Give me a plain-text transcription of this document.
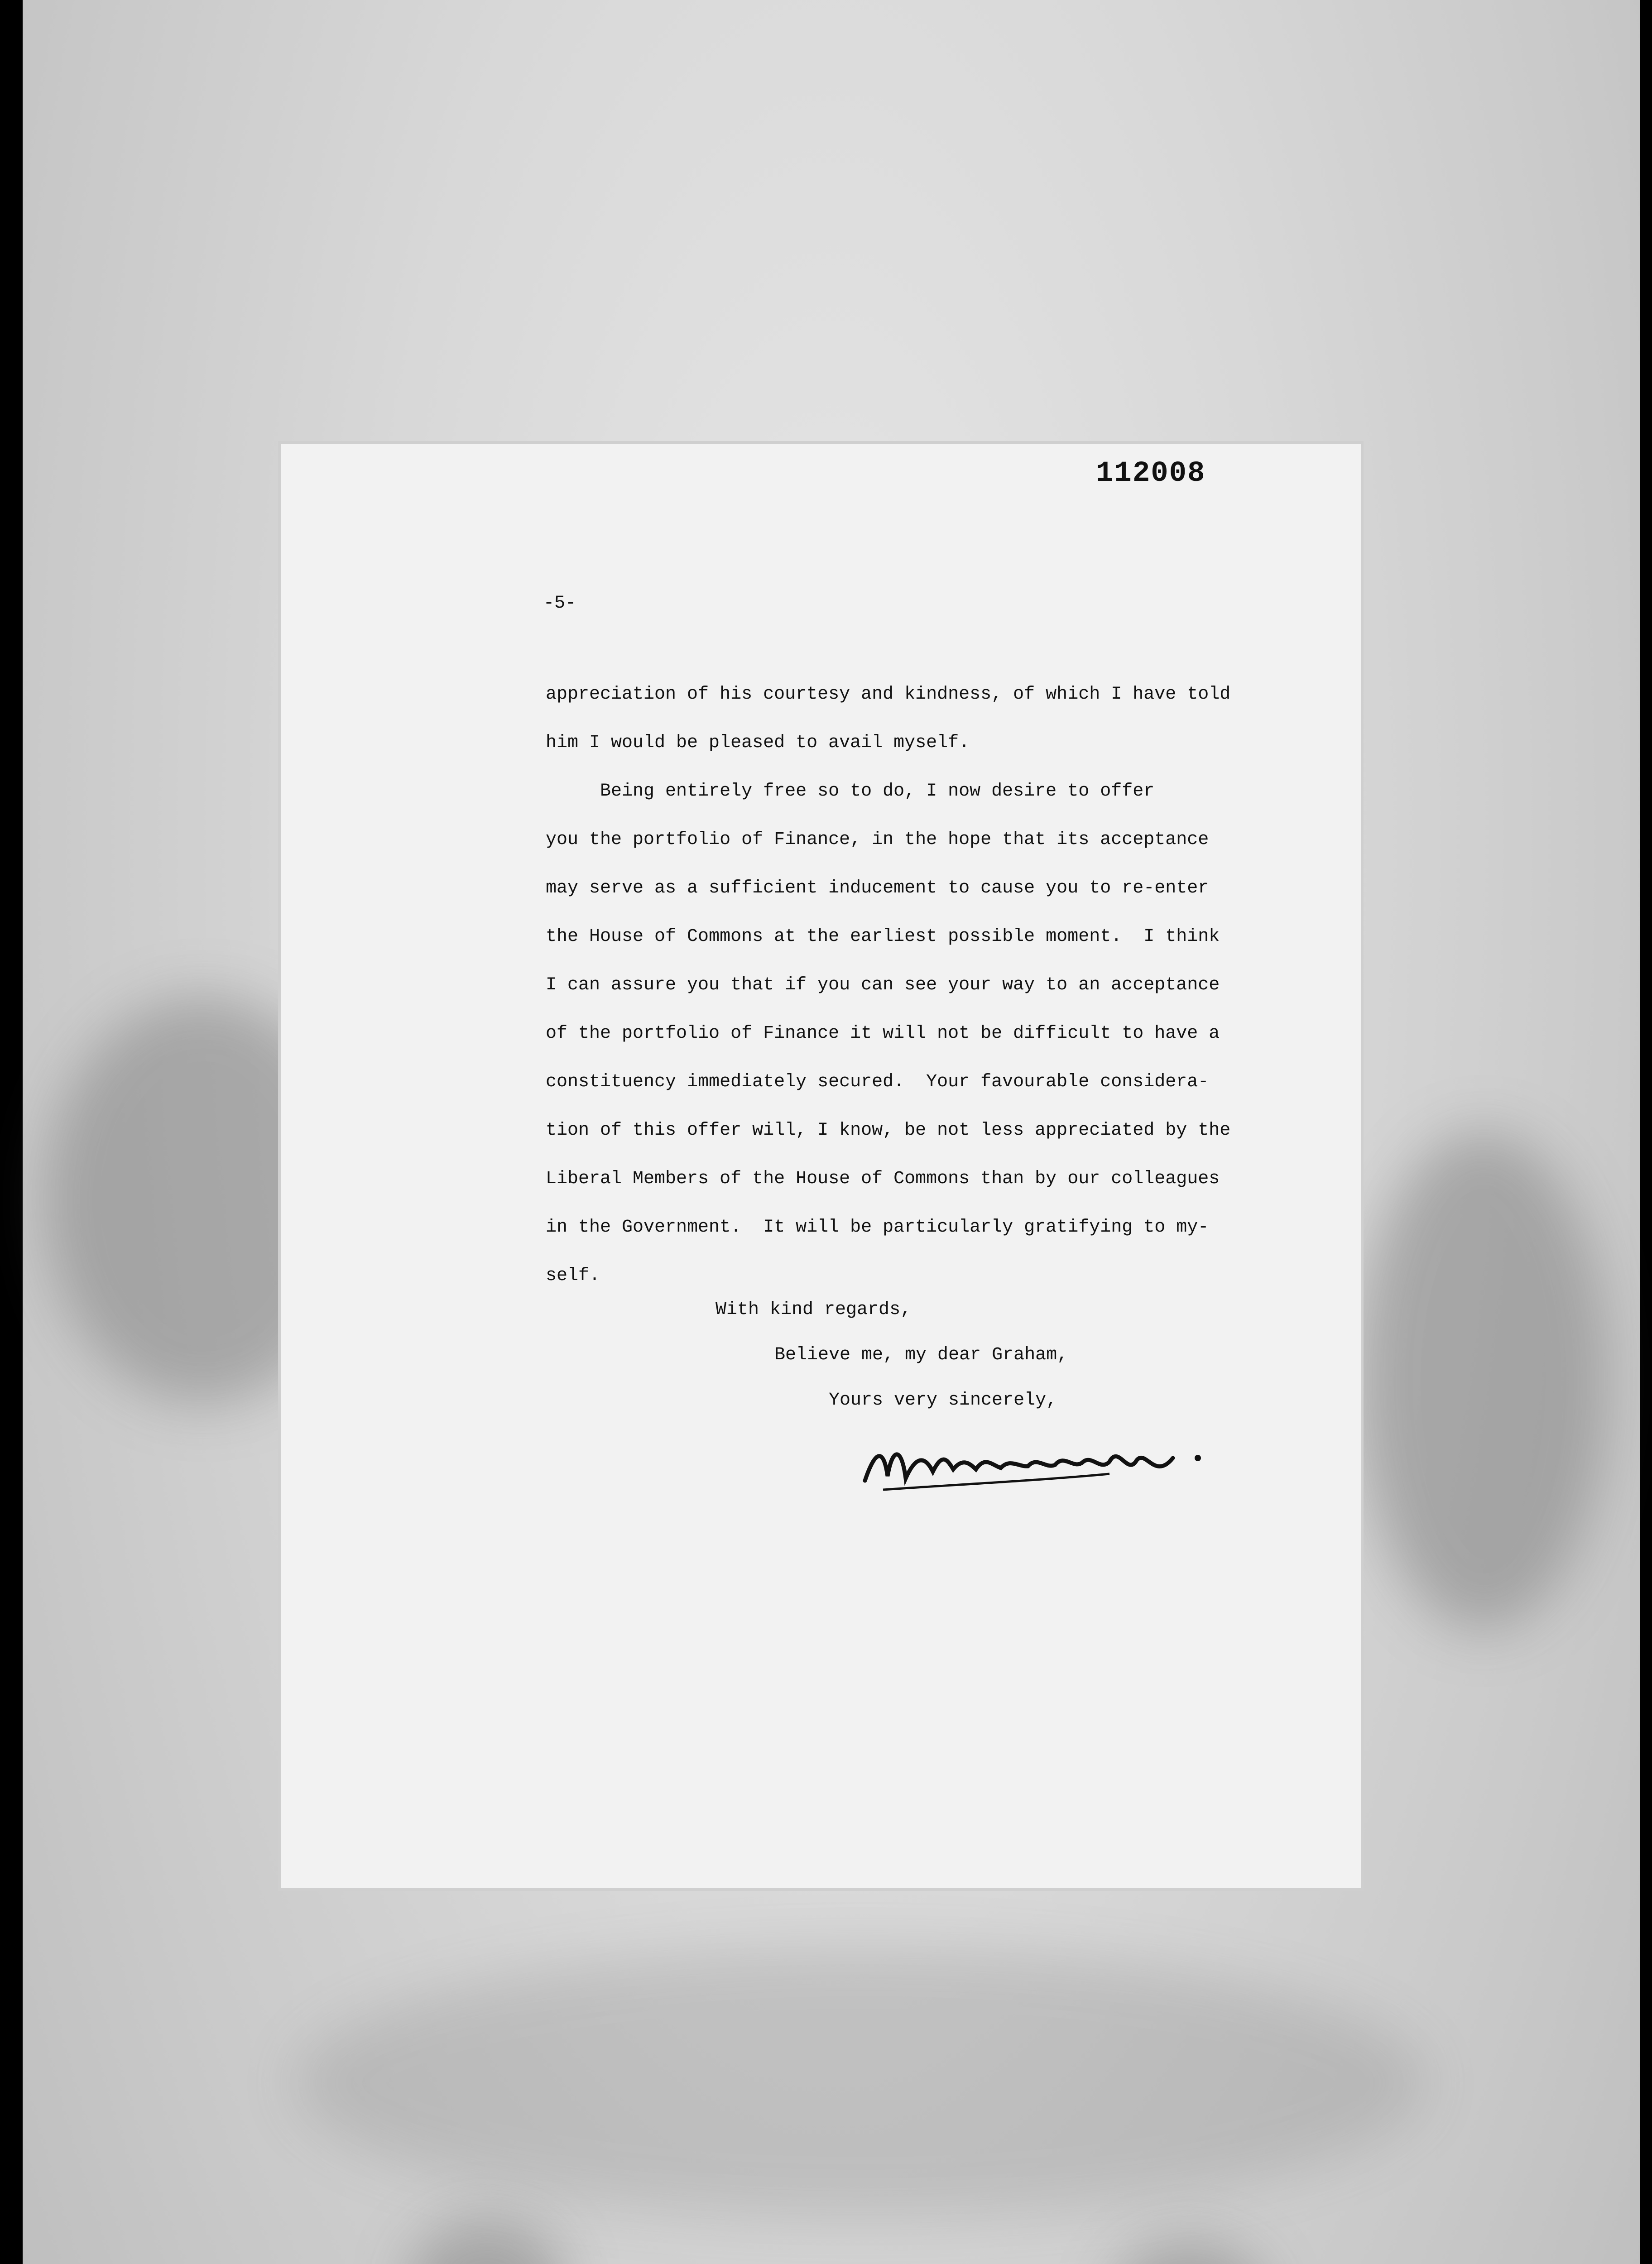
112008
-5-

appreciation of his courtesy and kindness, of which I have told

him I would be pleased to avail myself.

Being entirely free so to do, I now desire to offer

you the portfolio of Finance, in the hope that its acceptance

may serve as a sufficient inducement to cause you to re-enter

the House of Commons at the earliest possible moment.  I think

I can assure you that if you can see your way to an acceptance

of the portfolio of Finance it will not be difficult to have a

constituency immediately secured.  Your favourable considera-

tion of this offer will, I know, be not less appreciated by the

Liberal Members of the House of Commons than by our colleagues

in the Government.  It will be particularly gratifying to my-

self.

With kind regards,
Believe me, my dear Graham,
Yours very sincerely,
